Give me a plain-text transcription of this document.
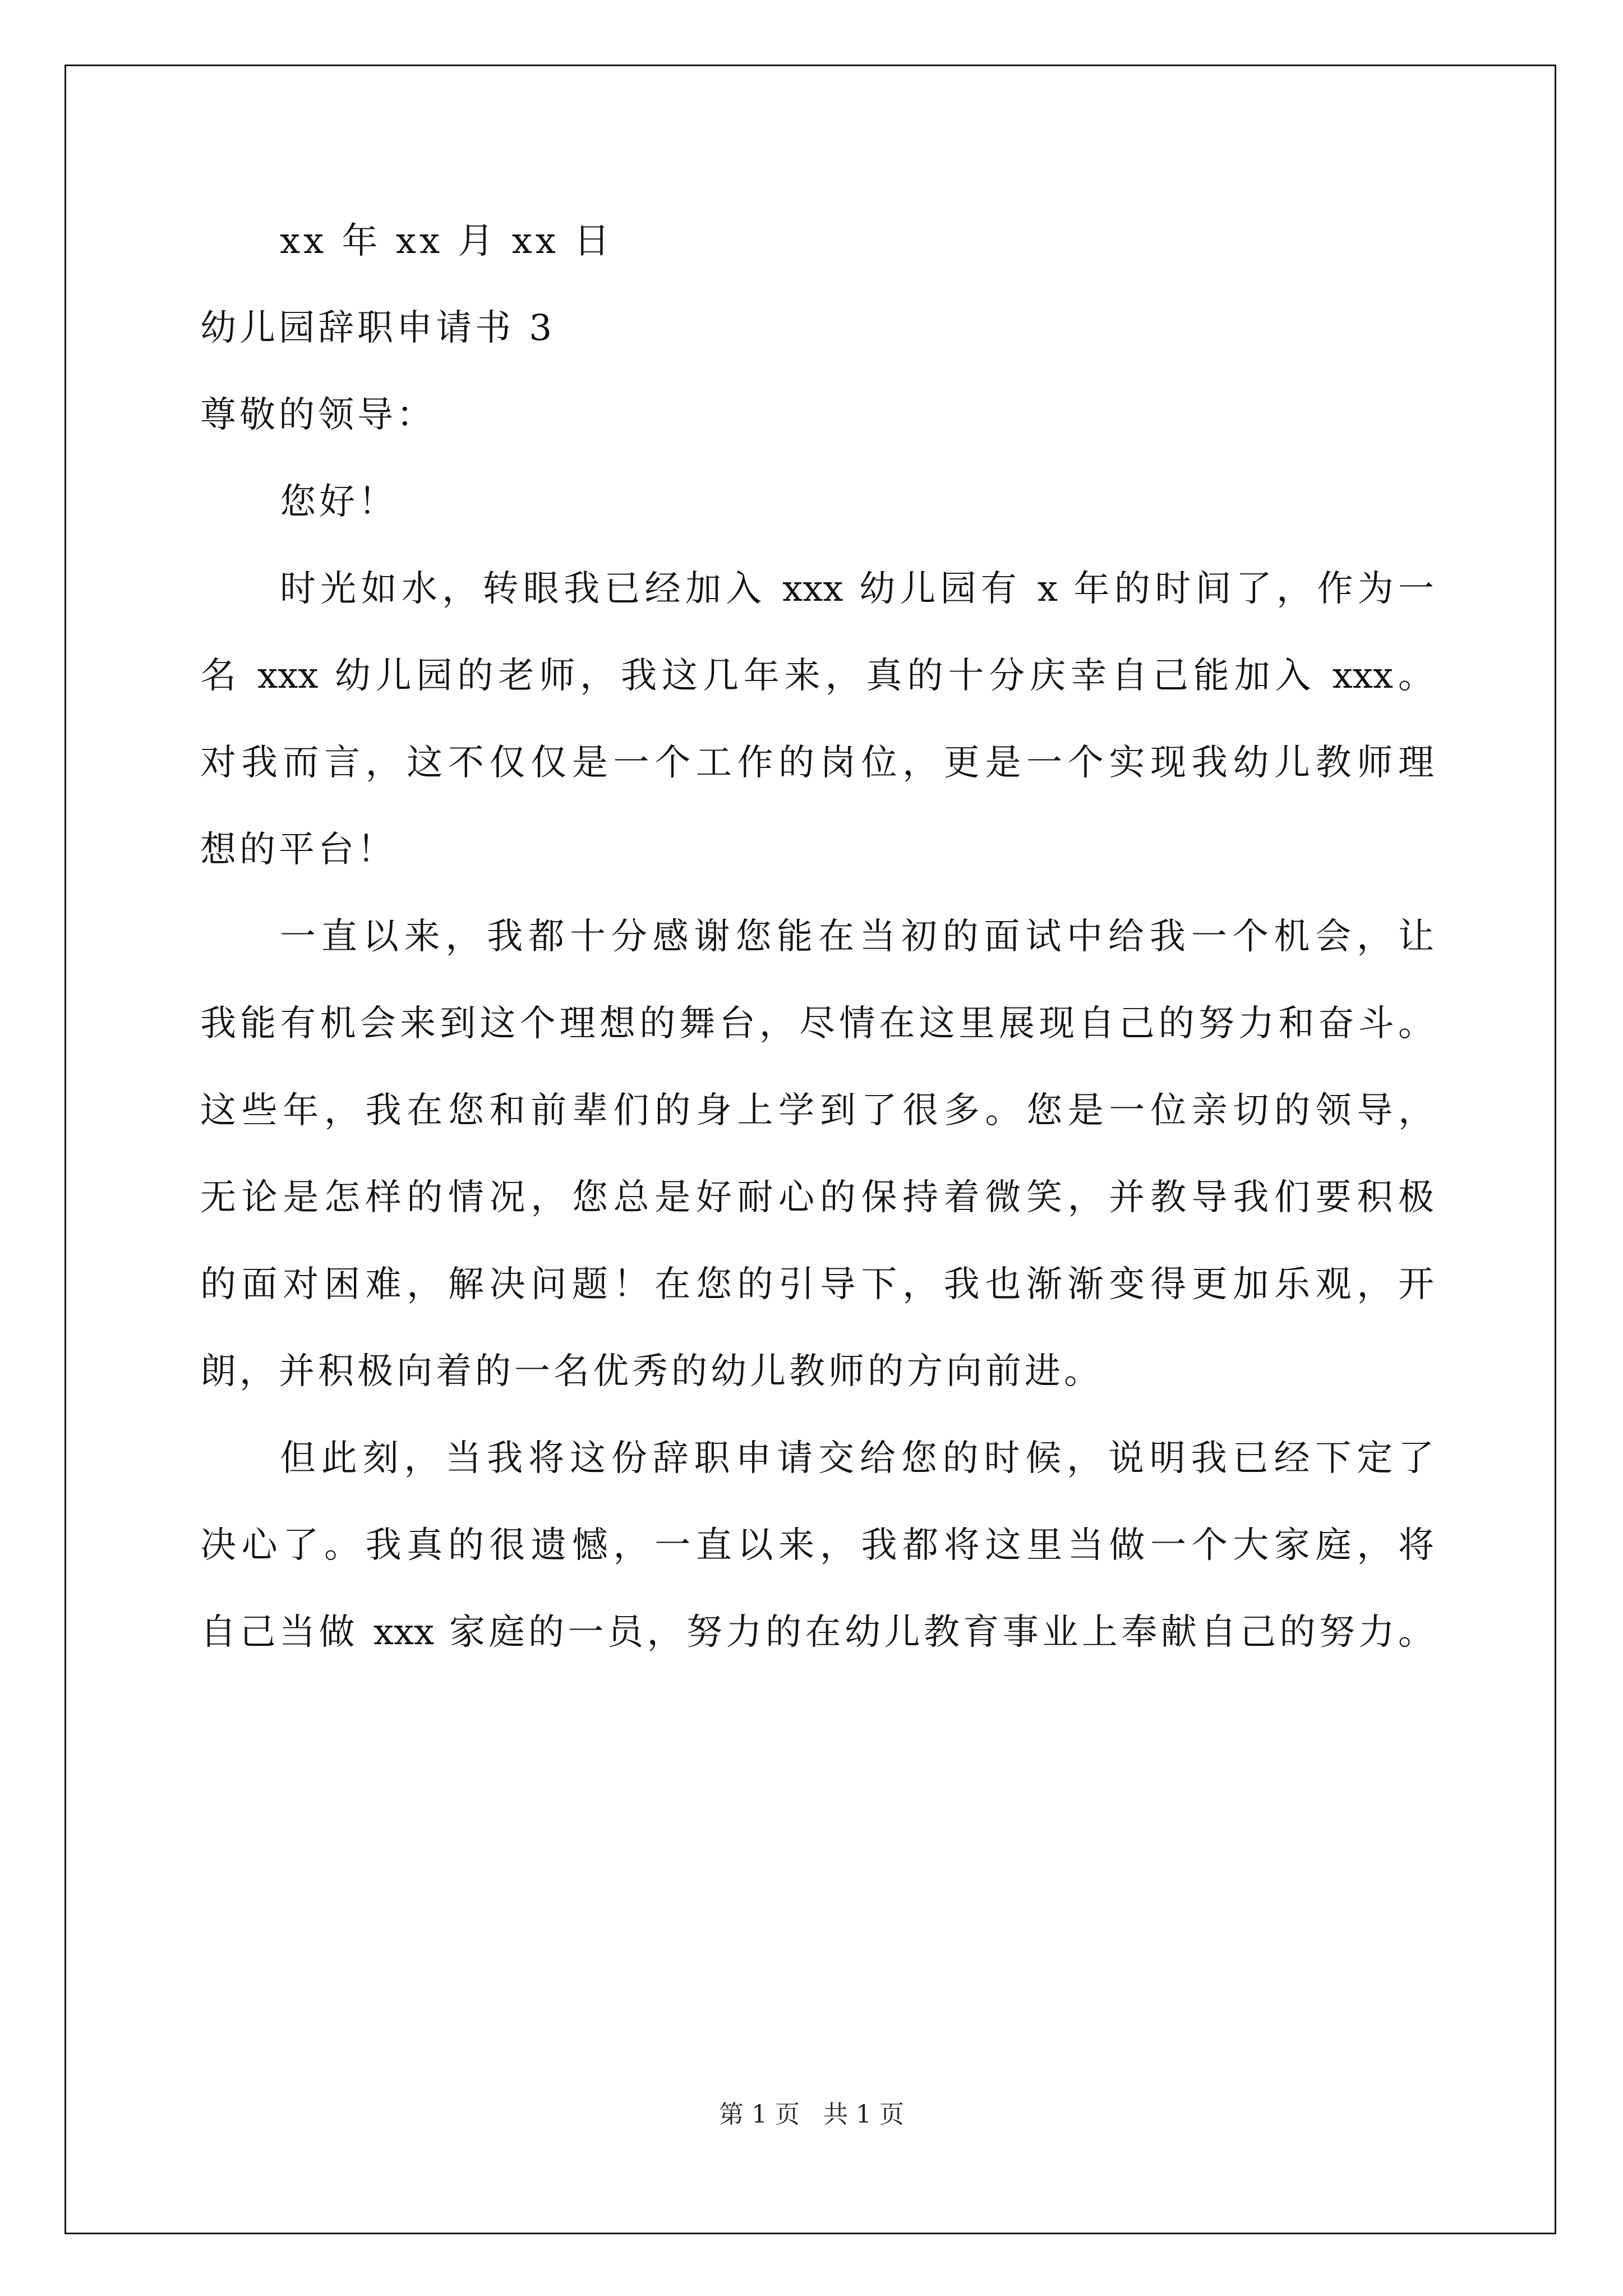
xx 年 xx 月 xx 日
幼儿园辞职申请书 3
尊敬的领导：
您好！
时光如水，转眼我已经加入 xxx 幼儿园有 x 年的时间了，作为一
名 xxx 幼儿园的老师，我这几年来，真的十分庆幸自己能加入 xxx。
对我而言，这不仅仅是一个工作的岗位，更是一个实现我幼儿教师理
想的平台！
一直以来，我都十分感谢您能在当初的面试中给我一个机会，让
我能有机会来到这个理想的舞台，尽情在这里展现自己的努力和奋斗。
这些年，我在您和前辈们的身上学到了很多。您是一位亲切的领导，
无论是怎样的情况，您总是好耐心的保持着微笑，并教导我们要积极
的面对困难，解决问题！在您的引导下，我也渐渐变得更加乐观，开
朗，并积极向着的一名优秀的幼儿教师的方向前进。
但此刻，当我将这份辞职申请交给您的时候，说明我已经下定了
决心了。我真的很遗憾，一直以来，我都将这里当做一个大家庭，将
自己当做 xxx 家庭的一员，努力的在幼儿教育事业上奉献自己的努力。
第 1 页   共 1 页
